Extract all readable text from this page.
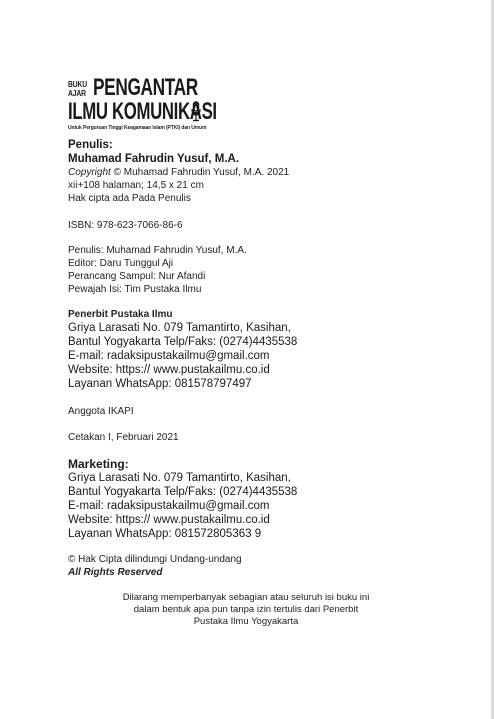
BUKU
AJAR PENGANTAR
ILMU KOMUNIKASI
Untuk Perguruan Tinggi Keagamaan Islam (PTKI) dan Umum
Penulis:
Muhamad Fahrudin Yusuf, M.A.
Copyright © Muhamad Fahrudin Yusuf, M.A. 2021
xii+108 halaman; 14,5 x 21 cm
Hak cipta ada Pada Penulis
ISBN: 978-623-7066-86-6
Penulis: Muhamad Fahrudin Yusuf, M.A.
Editor: Daru Tunggul Aji
Perancang Sampul: Nur Afandi
Pewajah Isi: Tim Pustaka Ilmu
Penerbit Pustaka Ilmu
Griya Larasati No. 079 Tamantirto, Kasihan,
Bantul Yogyakarta Telp/Faks: (0274)4435538
E-mail: radaksipustakailmu@gmail.com
Website: https:// www.pustakailmu.co.id
Layanan WhatsApp: 081578797497
Anggota IKAPI
Cetakan I, Februari 2021
Marketing:
Griya Larasati No. 079 Tamantirto, Kasihan,
Bantul Yogyakarta Telp/Faks: (0274)4435538
E-mail: radaksipustakailmu@gmail.com
Website: https:// www.pustakailmu.co.id
Layanan WhatsApp: 081572805363 9
© Hak Cipta dilindungi Undang-undang
All Rights Reserved
Dilarang memperbanyak sebagian atau seluruh isi buku ini
dalam bentuk apa pun tanpa izin tertulis dari Penerbit
Pustaka Ilmu Yogyakarta
